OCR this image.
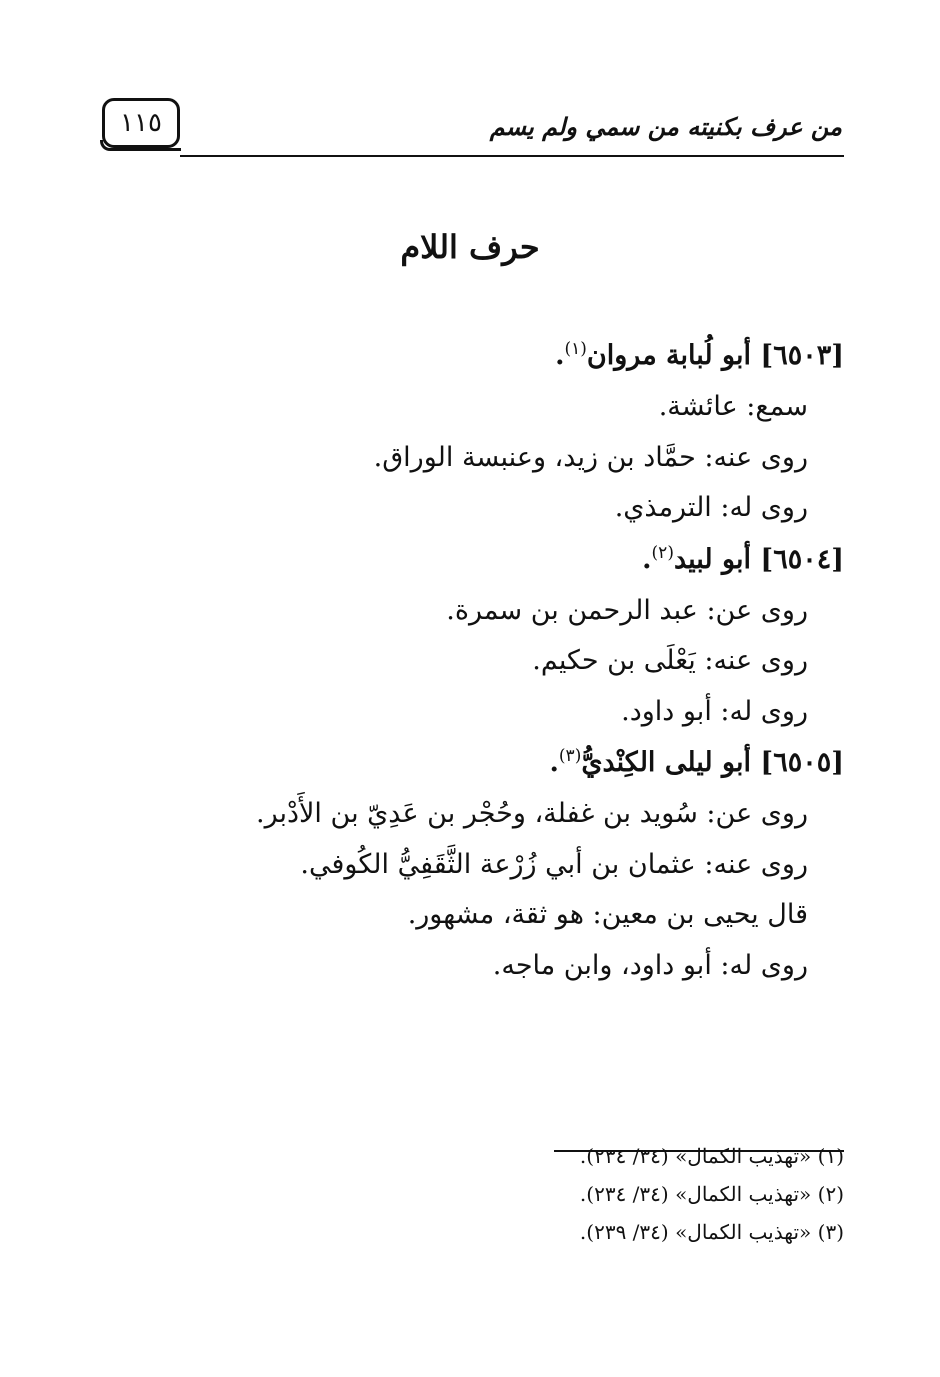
١١٥	من عرف بكنيته من سمي ولم يسم
حرف اللام
[٦٥٠٣] أبو لُبابة مروان$^{(١)}$.
سمع: عائشة.
روى عنه: حمَّاد بن زيد، وعنبسة الوراق.
روى له: الترمذي.
[٦٥٠٤] أبو لبيد$^{(٢)}$.
روى عن: عبد الرحمن بن سمرة.
روى عنه: يَعْلَى بن حكيم.
روى له: أبو داود.
[٦٥٠٥] أبو ليلى الكِنْديُّ$^{(٣)}$.
روى عن: سُويد بن غفلة، وحُجْر بن عَدِيّ بن الأَدْبر.
روى عنه: عثمان بن أبي زُرْعة الثَّقَفِيُّ الكُوفي.
قال يحيى بن معين: هو ثقة، مشهور.
روى له: أبو داود، وابن ماجه.
(١) «تهذيب الكمال» (٣٤/ ٢٣٤).
(٢) «تهذيب الكمال» (٣٤/ ٢٣٤).
(٣) «تهذيب الكمال» (٣٤/ ٢٣٩).
